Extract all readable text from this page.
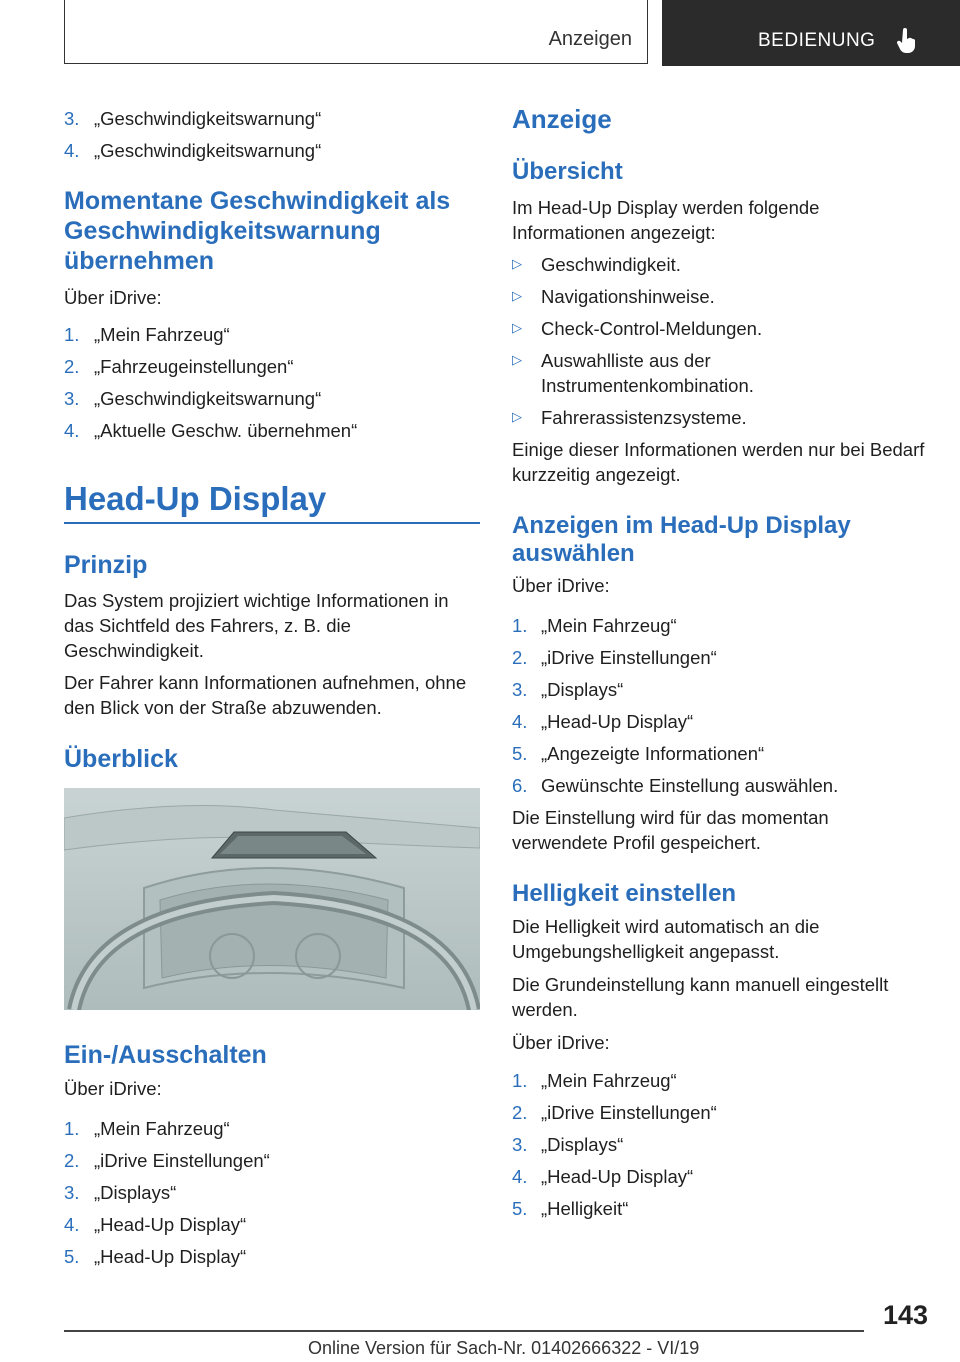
Anzeigen	BEDIENUNG
3. „Geschwindigkeitswarnung“
4. „Geschwindigkeitswarnung“
Momentane Geschwindigkeit als Geschwindigkeitswarnung übernehmen
Über iDrive:
1. „Mein Fahrzeug“
2. „Fahrzeugeinstellungen“
3. „Geschwindigkeitswarnung“
4. „Aktuelle Geschw. übernehmen“
Head-Up Display
Prinzip
Das System projiziert wichtige Informationen in das Sichtfeld des Fahrers, z. B. die Geschwindigkeit.
Der Fahrer kann Informationen aufnehmen, ohne den Blick von der Straße abzuwenden.
Überblick
Ein-/Ausschalten
Über iDrive:
1. „Mein Fahrzeug“
2. „iDrive Einstellungen“
3. „Displays“
4. „Head-Up Display“
5. „Head-Up Display“
Anzeige
Übersicht
Im Head-Up Display werden folgende Informationen angezeigt:
▷ Geschwindigkeit.
▷ Navigationshinweise.
▷ Check-Control-Meldungen.
▷ Auswahlliste aus der Instrumentenkombination.
▷ Fahrerassistenzsysteme.
Einige dieser Informationen werden nur bei Bedarf kurzzeitig angezeigt.
Anzeigen im Head-Up Display auswählen
Über iDrive:
1. „Mein Fahrzeug“
2. „iDrive Einstellungen“
3. „Displays“
4. „Head-Up Display“
5. „Angezeigte Informationen“
6. Gewünschte Einstellung auswählen.
Die Einstellung wird für das momentan verwendete Profil gespeichert.
Helligkeit einstellen
Die Helligkeit wird automatisch an die Umgebungshelligkeit angepasst.
Die Grundeinstellung kann manuell eingestellt werden.
Über iDrive:
1. „Mein Fahrzeug“
2. „iDrive Einstellungen“
3. „Displays“
4. „Head-Up Display“
5. „Helligkeit“
143
Online Version für Sach-Nr. 01402666322 - VI/19
